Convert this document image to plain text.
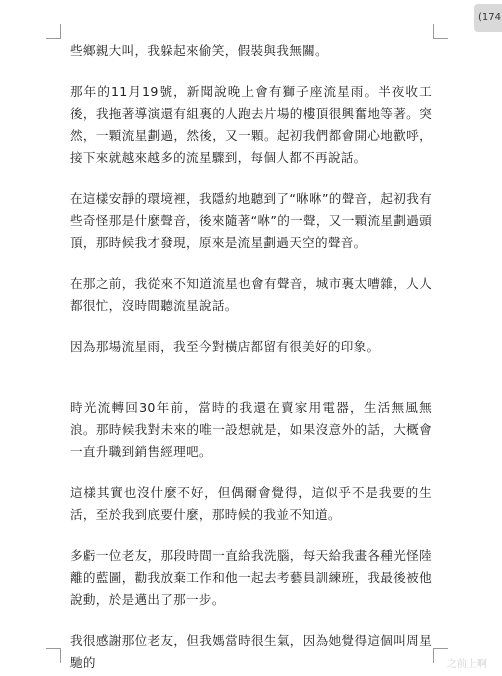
(174

些鄉親大叫，我躲起來偷笑，假裝與我無關。

那年的11月19號，新聞說晚上會有獅子座流星雨。半夜收工後，我拖著導演還有組裏的人跑去片場的樓頂很興奮地等著。突然，一顆流星劃過，然後，又一顆。起初我們都會開心地歡呼，接下來就越來越多的流星驟到，每個人都不再說話。

在這樣安靜的環境裡，我隱約地聽到了“咻咻”的聲音，起初我有些奇怪那是什麼聲音，後來隨著“咻”的一聲，又一顆流星劃過頭頂，那時候我才發現，原來是流星劃過天空的聲音。

在那之前，我從來不知道流星也會有聲音，城市裏太嘈雜，人人都很忙，沒時間聽流星說話。

因為那場流星雨，我至今對橫店都留有很美好的印象。

時光流轉回30年前，當時的我還在賣家用電器，生活無風無浪。那時候我對未來的唯一設想就是，如果沒意外的話，大概會一直升職到銷售經理吧。

這樣其實也沒什麼不好，但偶爾會覺得，這似乎不是我要的生活，至於我到底要什麼，那時候的我並不知道。

多虧一位老友，那段時間一直給我洗腦，每天給我畫各種光怪陸離的藍圖，勸我放棄工作和他一起去考藝員訓練班，我最後被他說動，於是邁出了那一步。

我很感謝那位老友，但我媽當時很生氣，因為她覺得這個叫周星馳的	之前上啊
